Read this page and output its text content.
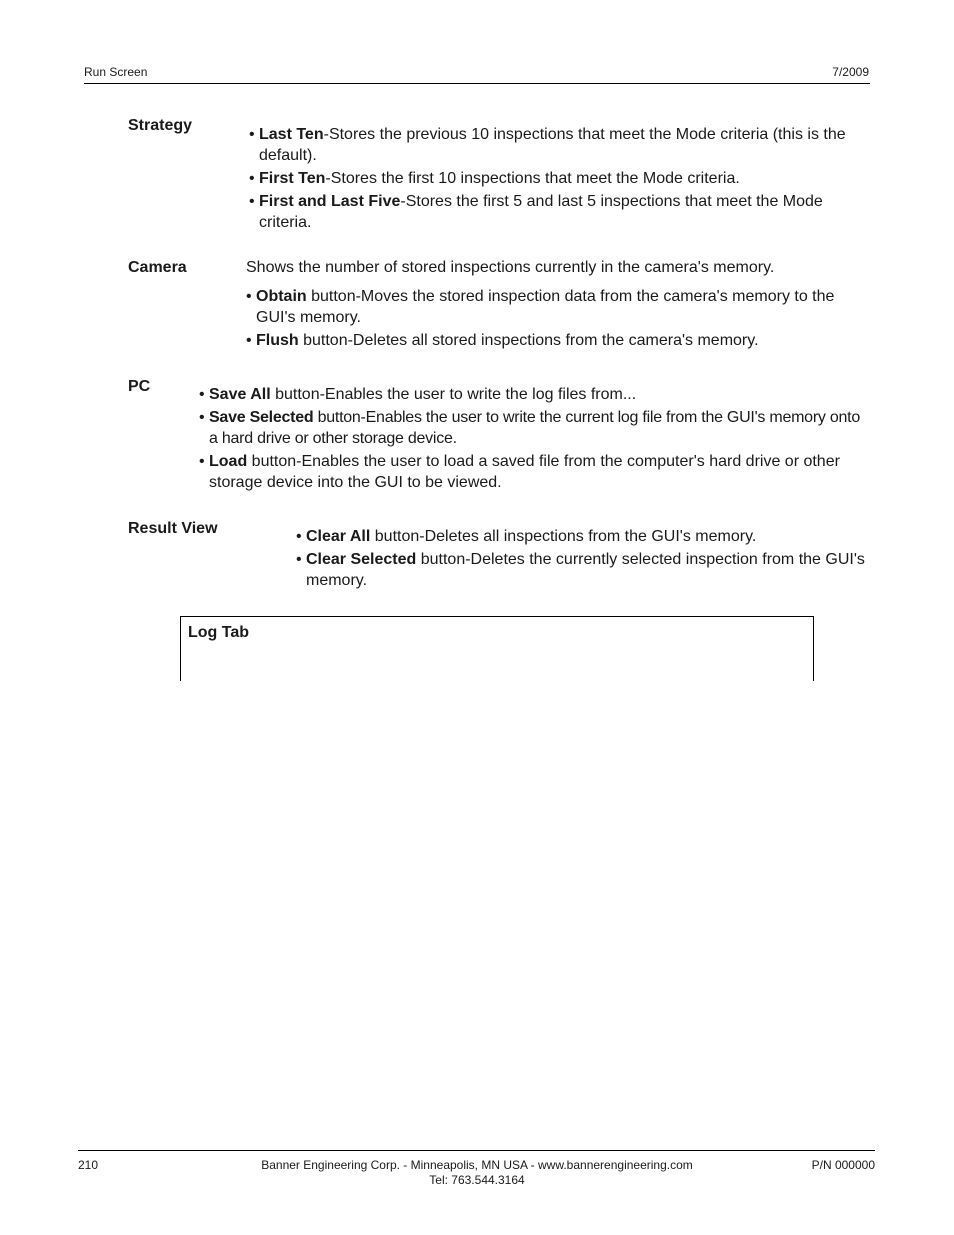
Run Screen	7/2009
Strategy
• Last Ten-Stores the previous 10 inspections that meet the Mode criteria (this is the default).
• First Ten-Stores the first 10 inspections that meet the Mode criteria.
• First and Last Five-Stores the first 5 and last 5 inspections that meet the Mode criteria.
Camera	Shows the number of stored inspections currently in the camera's memory.
• Obtain button-Moves the stored inspection data from the camera's memory to the GUI's memory.
• Flush button-Deletes all stored inspections from the camera's memory.
PC	• Save All button-Enables the user to write the log files from...
• Save Selected button-Enables the user to write the current log file from the GUI's memory onto a hard drive or other storage device.
• Load button-Enables the user to load a saved file from the computer's hard drive or other storage device into the GUI to be viewed.
Result View	• Clear All button-Deletes all inspections from the GUI's memory.
• Clear Selected button-Deletes the currently selected inspection from the GUI's memory.
Log Tab
210	Banner Engineering Corp. - Minneapolis, MN USA - www.bannerengineering.com
Tel: 763.544.3164
P/N 000000
